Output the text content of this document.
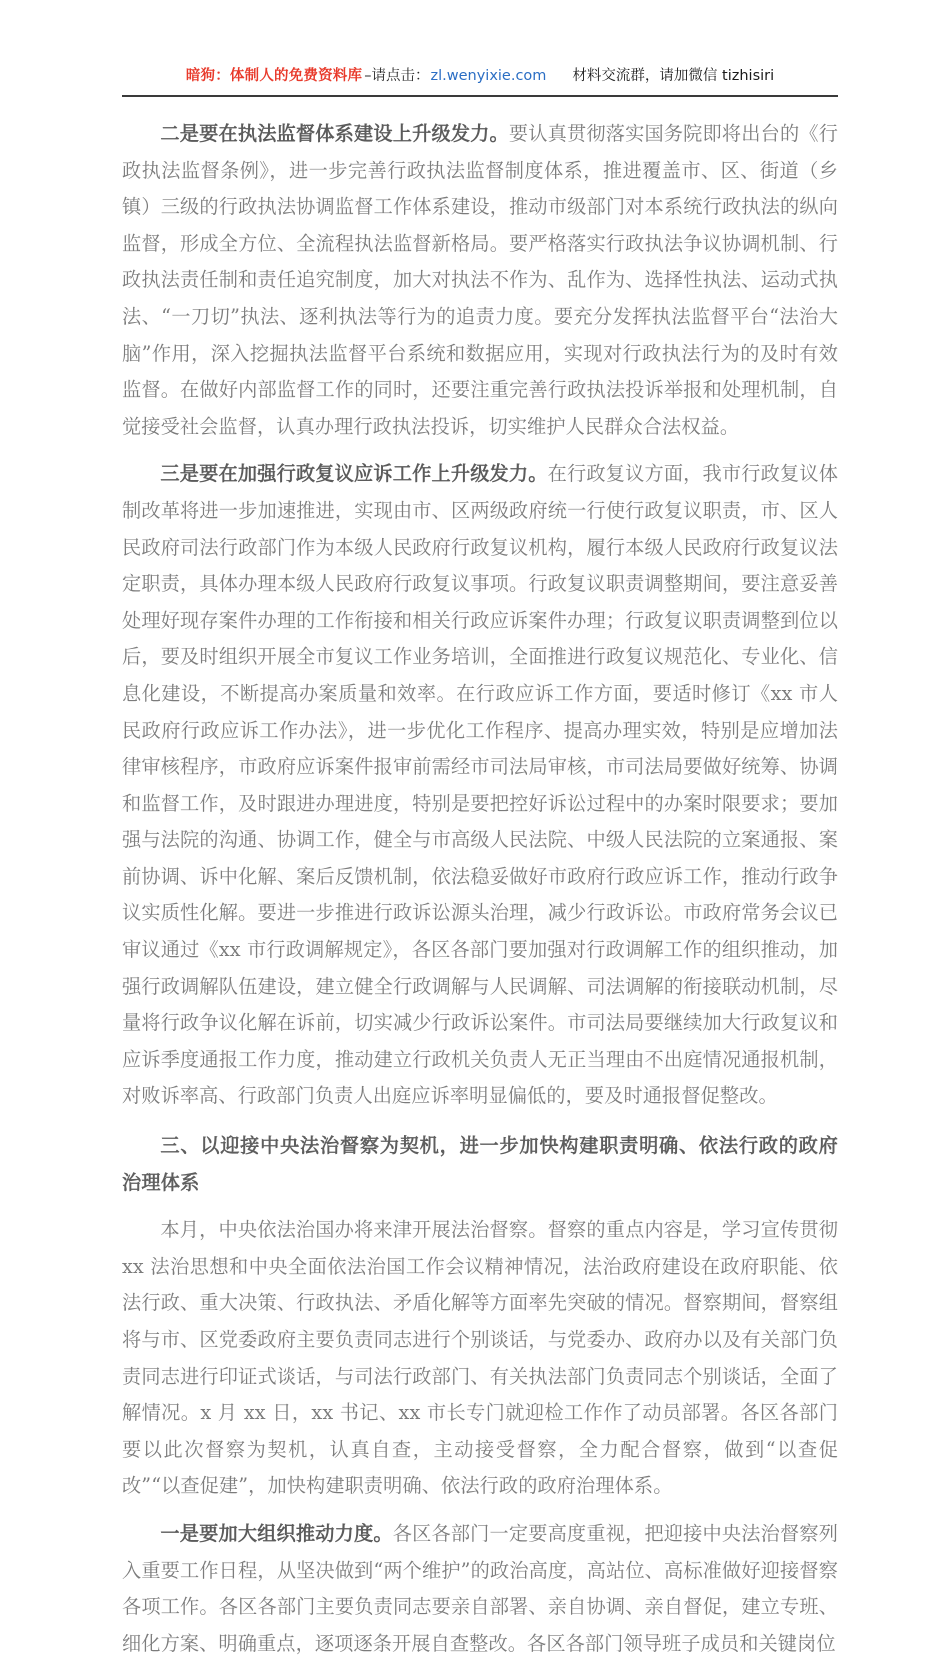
暗狗：体制人的免费资料库 –请点击： zl.wenyixie.com 材料交流群，请加微信 tizhisiri

二是要在执法监督体系建设上升级发力。要认真贯彻落实国务院即将出台的《行政执法监督条例》，进一步完善行政执法监督制度体系，推进覆盖市、区、街道（乡镇）三级的行政执法协调监督工作体系建设，推动市级部门对本系统行政执法的纵向监督，形成全方位、全流程执法监督新格局。要严格落实行政执法争议协调机制、行政执法责任制和责任追究制度，加大对执法不作为、乱作为、选择性执法、运动式执法、“一刀切”执法、逐利执法等行为的追责力度。要充分发挥执法监督平台“法治大脑”作用，深入挖掘执法监督平台系统和数据应用，实现对行政执法行为的及时有效监督。在做好内部监督工作的同时，还要注重完善行政执法投诉举报和处理机制，自觉接受社会监督，认真办理行政执法投诉，切实维护人民群众合法权益。

三是要在加强行政复议应诉工作上升级发力。在行政复议方面，我市行政复议体制改革将进一步加速推进，实现由市、区两级政府统一行使行政复议职责，市、区人民政府司法行政部门作为本级人民政府行政复议机构，履行本级人民政府行政复议法定职责，具体办理本级人民政府行政复议事项。行政复议职责调整期间，要注意妥善处理好现存案件办理的工作衔接和相关行政应诉案件办理；行政复议职责调整到位以后，要及时组织开展全市复议工作业务培训，全面推进行政复议规范化、专业化、信息化建设，不断提高办案质量和效率。在行政应诉工作方面，要适时修订《xx 市人民政府行政应诉工作办法》，进一步优化工作程序、提高办理实效，特别是应增加法律审核程序，市政府应诉案件报审前需经市司法局审核，市司法局要做好统筹、协调和监督工作，及时跟进办理进度，特别是要把控好诉讼过程中的办案时限要求；要加强与法院的沟通、协调工作，健全与市高级人民法院、中级人民法院的立案通报、案前协调、诉中化解、案后反馈机制，依法稳妥做好市政府行政应诉工作，推动行政争议实质性化解。要进一步推进行政诉讼源头治理，减少行政诉讼。市政府常务会议已审议通过《xx 市行政调解规定》，各区各部门要加强对行政调解工作的组织推动，加强行政调解队伍建设，建立健全行政调解与人民调解、司法调解的衔接联动机制，尽量将行政争议化解在诉前，切实减少行政诉讼案件。市司法局要继续加大行政复议和应诉季度通报工作力度，推动建立行政机关负责人无正当理由不出庭情况通报机制，对败诉率高、行政部门负责人出庭应诉率明显偏低的，要及时通报督促整改。

三、以迎接中央法治督察为契机，进一步加快构建职责明确、依法行政的政府治理体系

本月，中央依法治国办将来津开展法治督察。督察的重点内容是，学习宣传贯彻 xx 法治思想和中央全面依法治国工作会议精神情况，法治政府建设在政府职能、依法行政、重大决策、行政执法、矛盾化解等方面率先突破的情况。督察期间，督察组将与市、区党委政府主要负责同志进行个别谈话，与党委办、政府办以及有关部门负责同志进行印证式谈话，与司法行政部门、有关执法部门负责同志个别谈话，全面了解情况。x 月 xx 日，xx 书记、xx 市长专门就迎检工作作了动员部署。各区各部门要以此次督察为契机，认真自查，主动接受督察，全力配合督察，做到“以查促改”“以查促建”，加快构建职责明确、依法行政的政府治理体系。

一是要加大组织推动力度。各区各部门一定要高度重视，把迎接中央法治督察列入重要工作日程，从坚决做到“两个维护”的政治高度，高站位、高标准做好迎接督察各项工作。各区各部门主要负责同志要亲自部署、亲自协调、亲自督促，建立专班、细化方案、明确重点，逐项逐条开展自查整改。各区各部门领导班子成员和关键岗位
